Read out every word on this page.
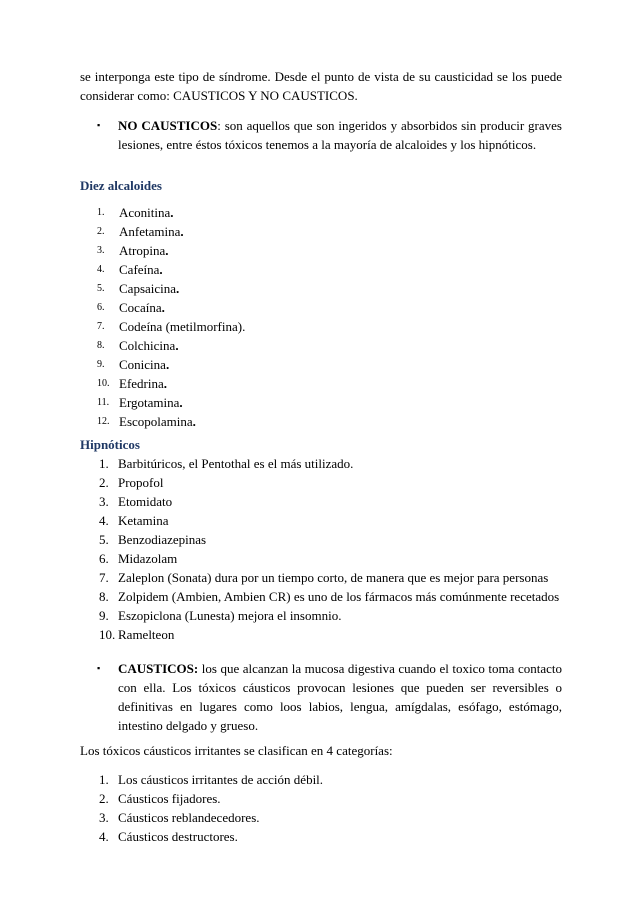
se interponga este tipo de síndrome. Desde el punto de vista de su causticidad se los puede considerar como: CAUSTICOS Y NO CAUSTICOS.

▪	NO CAUSTICOS: son aquellos que son ingeridos y absorbidos sin producir graves lesiones, entre éstos tóxicos tenemos a la mayoría de alcaloides y los hipnóticos.

Diez alcaloides

1.	Aconitina.
2.	Anfetamina.
3.	Atropina.
4.	Cafeína.
5.	Capsaicina.
6.	Cocaína.
7.	Codeína (metilmorfina).
8.	Colchicina.
9.	Conicina.
10. Efedrina.
11. Ergotamina.
12. Escopolamina.

Hipnóticos

1. Barbitúricos, el Pentothal es el más utilizado.
2. Propofol
3. Etomidato
4. Ketamina
5. Benzodiazepinas
6. Midazolam
7. Zaleplon (Sonata) dura por un tiempo corto, de manera que es mejor para personas
8. Zolpidem (Ambien, Ambien CR) es uno de los fármacos más comúnmente recetados
9. Eszopiclona (Lunesta) mejora el insomnio.
10. Ramelteon
▪	CAUSTICOS: los que alcanzan la mucosa digestiva cuando el toxico toma contacto con ella. Los tóxicos cáusticos provocan lesiones que pueden ser reversibles o definitivas en lugares como loos labios, lengua, amígdalas, esófago, estómago, intestino delgado y grueso.

Los tóxicos cáusticos irritantes se clasifican en 4 categorías:

1. Los cáusticos irritantes de acción débil.
2. Cáusticos fijadores.
3. Cáusticos reblandecedores.
4. Cáusticos destructores.
